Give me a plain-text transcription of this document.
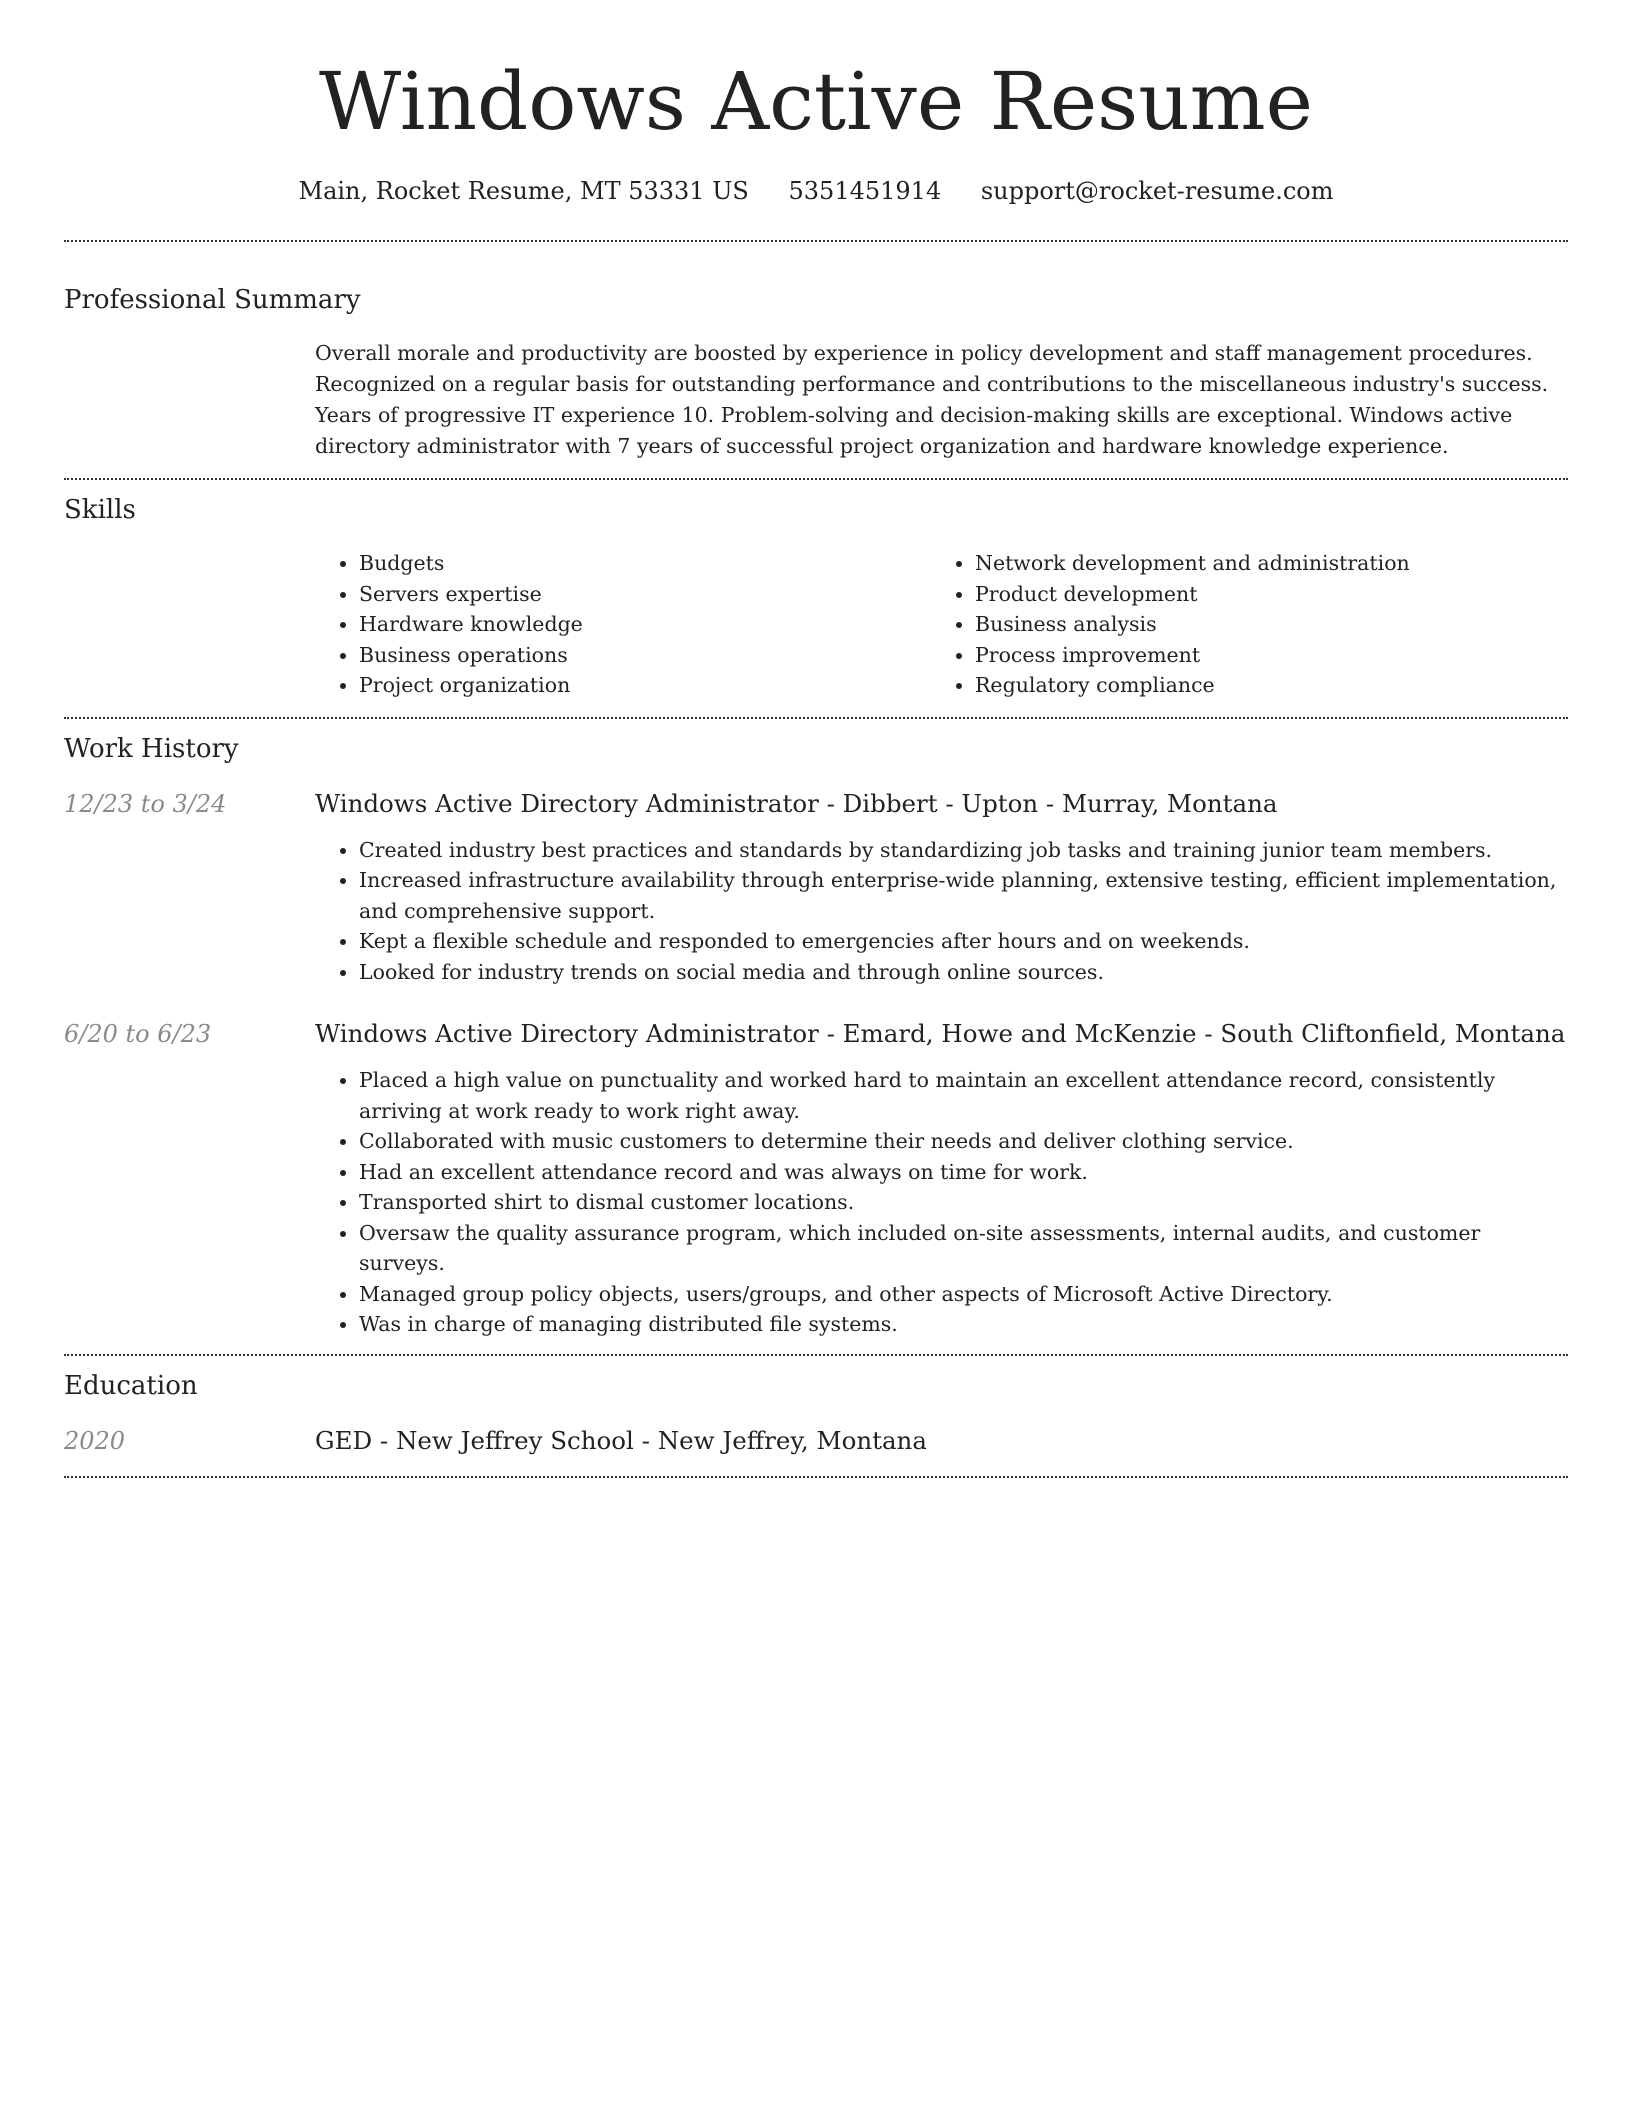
Windows Active Resume
Main, Rocket Resume, MT 53331 US 5351451914 support@rocket-resume.com
Professional Summary
Overall morale and productivity are boosted by experience in policy development and staff management procedures. Recognized on a regular basis for outstanding performance and contributions to the miscellaneous industry's success. Years of progressive IT experience 10. Problem-solving and decision-making skills are exceptional. Windows active directory administrator with 7 years of successful project organization and hardware knowledge experience.
Skills
• Budgets
• Servers expertise
• Hardware knowledge
• Business operations
• Project organization
• Network development and administration
• Product development
• Business analysis
• Process improvement
• Regulatory compliance
Work History
12/23 to 3/24	Windows Active Directory Administrator - Dibbert - Upton - Murray, Montana
• Created industry best practices and standards by standardizing job tasks and training junior team members.
• Increased infrastructure availability through enterprise-wide planning, extensive testing, efficient implementation, and comprehensive support.
• Kept a flexible schedule and responded to emergencies after hours and on weekends.
• Looked for industry trends on social media and through online sources.
6/20 to 6/23	Windows Active Directory Administrator - Emard, Howe and McKenzie - South Cliftonfield, Montana
• Placed a high value on punctuality and worked hard to maintain an excellent attendance record, consistently arriving at work ready to work right away.
• Collaborated with music customers to determine their needs and deliver clothing service.
• Had an excellent attendance record and was always on time for work.
• Transported shirt to dismal customer locations.
• Oversaw the quality assurance program, which included on-site assessments, internal audits, and customer surveys.
• Managed group policy objects, users/groups, and other aspects of Microsoft Active Directory.
• Was in charge of managing distributed file systems.
Education
2020	GED - New Jeffrey School - New Jeffrey, Montana
